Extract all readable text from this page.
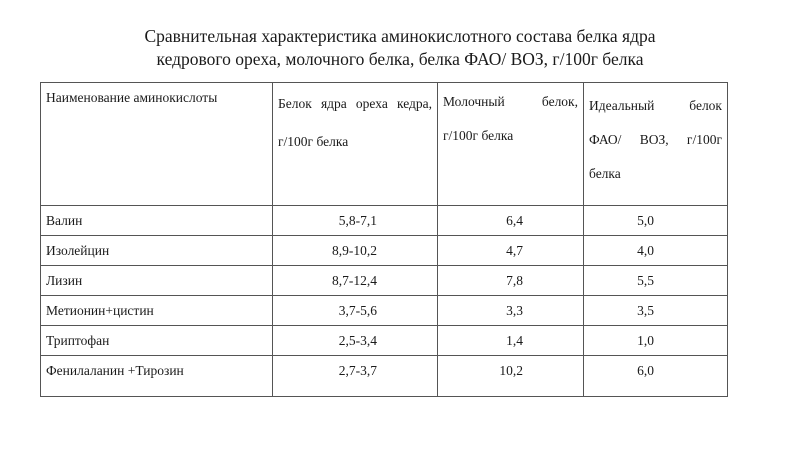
Сравнительная характеристика аминокислотного состава белка ядра
кедрового ореха, молочного белка, белка ФАО/ ВОЗ, г/100г белка
Наименование аминокислоты	Белок ядра ореха кедра, г/100г белка	Молочный белок, г/100г белка	Идеальный белок ФАО/ ВОЗ, г/100г белка

Валин	5,8-7,1	6,4	5,0
Изолейцин	8,9-10,2	4,7	4,0
Лизин	8,7-12,4	7,8	5,5
Метионин+цистин	3,7-5,6	3,3	3,5
Триптофан	2,5-3,4	1,4	1,0
Фенилаланин +Тирозин	2,7-3,7	10,2	6,0
